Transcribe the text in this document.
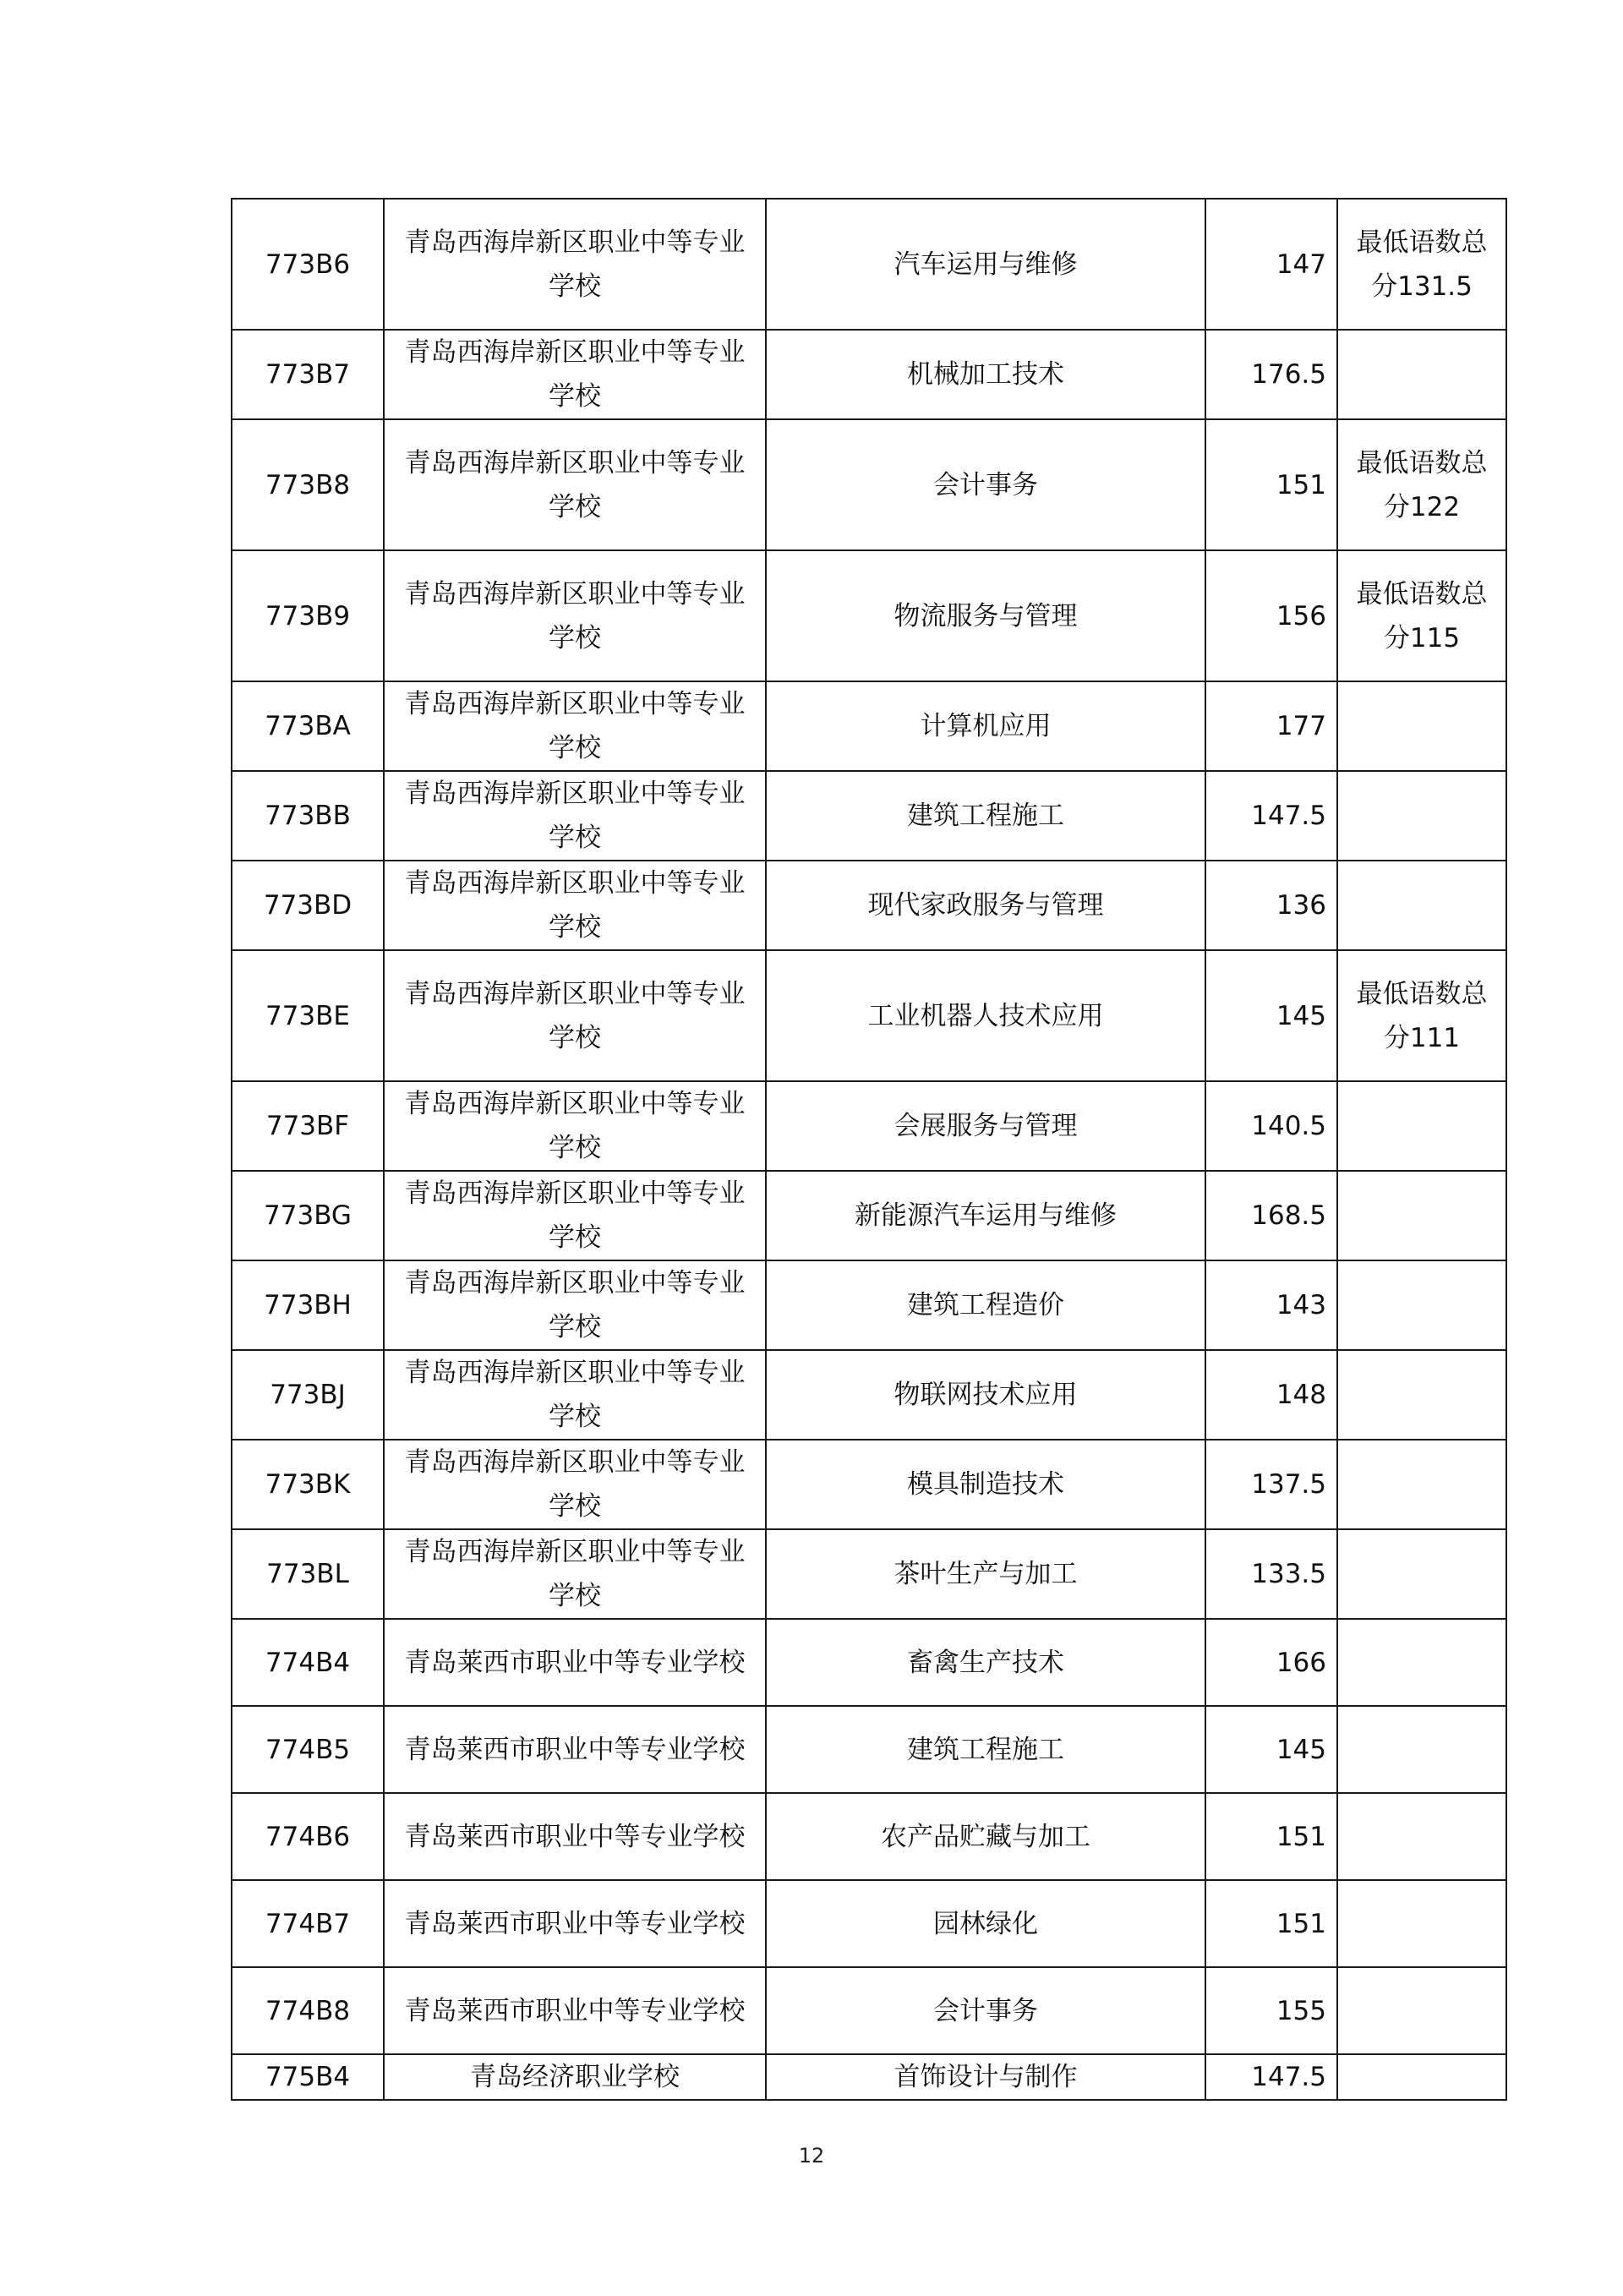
773B6	青岛西海岸新区职业中等专业学校	汽车运用与维修	147	最低语数总分131.5
773B7	青岛西海岸新区职业中等专业学校	机械加工技术	176.5	
773B8	青岛西海岸新区职业中等专业学校	会计事务	151	最低语数总分122
773B9	青岛西海岸新区职业中等专业学校	物流服务与管理	156	最低语数总分115
773BA	青岛西海岸新区职业中等专业学校	计算机应用	177	
773BB	青岛西海岸新区职业中等专业学校	建筑工程施工	147.5	
773BD	青岛西海岸新区职业中等专业学校	现代家政服务与管理	136	
773BE	青岛西海岸新区职业中等专业学校	工业机器人技术应用	145	最低语数总分111
773BF	青岛西海岸新区职业中等专业学校	会展服务与管理	140.5	
773BG	青岛西海岸新区职业中等专业学校	新能源汽车运用与维修	168.5	
773BH	青岛西海岸新区职业中等专业学校	建筑工程造价	143	
773BJ	青岛西海岸新区职业中等专业学校	物联网技术应用	148	
773BK	青岛西海岸新区职业中等专业学校	模具制造技术	137.5	
773BL	青岛西海岸新区职业中等专业学校	茶叶生产与加工	133.5	
774B4	青岛莱西市职业中等专业学校	畜禽生产技术	166	
774B5	青岛莱西市职业中等专业学校	建筑工程施工	145	
774B6	青岛莱西市职业中等专业学校	农产品贮藏与加工	151	
774B7	青岛莱西市职业中等专业学校	园林绿化	151	
774B8	青岛莱西市职业中等专业学校	会计事务	155	
775B4	青岛经济职业学校	首饰设计与制作	147.5	
12
